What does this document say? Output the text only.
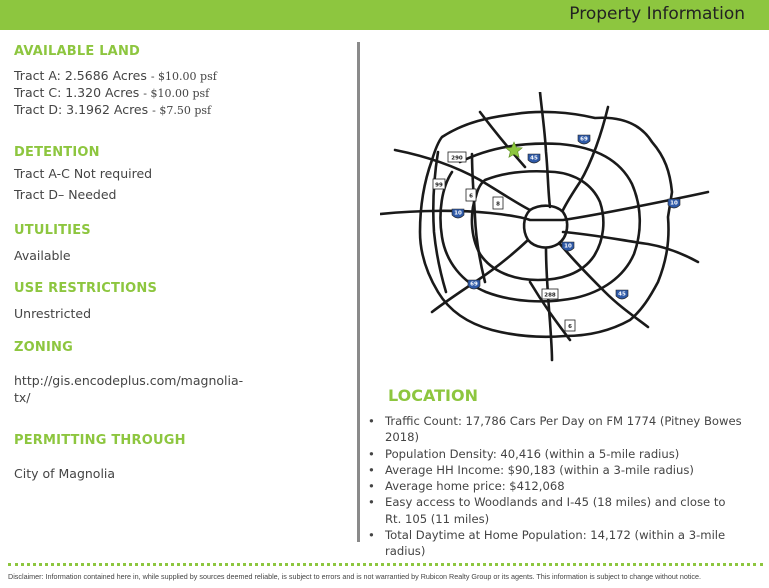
Property Information
AVAILABLE LAND
Tract A: 2.5686 Acres - $10.00 psf
Tract C: 1.320 Acres - $10.00 psf
Tract D: 3.1962 Acres - $7.50 psf
DETENTION
Tract A-C Not required
Tract D– Needed
UTULITIES
Available
USE RESTRICTIONS
Unrestricted
ZONING
http://gis.encodeplus.com/magnolia-
tx/
PERMITTING THROUGH
City of Magnolia
290	45
69
99
6
8
10
10
10
69
288	45
6
LOCATION
• Traffic Count: 17,786 Cars Per Day on FM 1774 (Pitney Bowes
2018)
• Population Density: 40,416 (within a 5-mile radius)
• Average HH Income: $90,183 (within a 3-mile radius)
• Average home price: $412,068
• Easy access to Woodlands and I-45 (18 miles) and close to
Rt. 105 (11 miles)
• Total Daytime at Home Population: 14,172 (within a 3-mile radius)
Disclaimer: Information contained here in, while supplied by sources deemed reliable, is subject to errors and is not warrantied by Rubicon Realty Group or its agents. This information is subject to change without notice.
